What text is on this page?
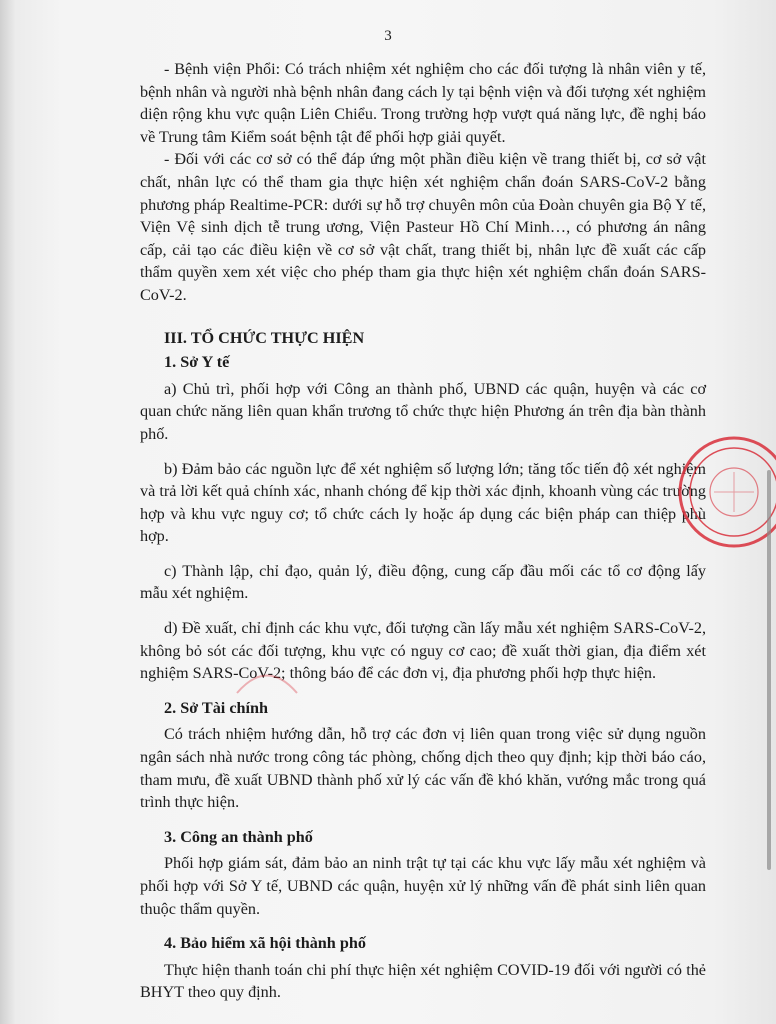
3

- Bệnh viện Phổi: Có trách nhiệm xét nghiệm cho các đối tượng là nhân viên y tế, bệnh nhân và người nhà bệnh nhân đang cách ly tại bệnh viện và đối tượng xét nghiệm diện rộng khu vực quận Liên Chiểu. Trong trường hợp vượt quá năng lực, đề nghị báo về Trung tâm Kiểm soát bệnh tật để phối hợp giải quyết.

- Đối với các cơ sở có thể đáp ứng một phần điều kiện về trang thiết bị, cơ sở vật chất, nhân lực có thể tham gia thực hiện xét nghiệm chẩn đoán SARS-CoV-2 bằng phương pháp Realtime-PCR: dưới sự hỗ trợ chuyên môn của Đoàn chuyên gia Bộ Y tế, Viện Vệ sinh dịch tễ trung ương, Viện Pasteur Hồ Chí Minh…, có phương án nâng cấp, cải tạo các điều kiện về cơ sở vật chất, trang thiết bị, nhân lực đề xuất các cấp thẩm quyền xem xét việc cho phép tham gia thực hiện xét nghiệm chẩn đoán SARS-CoV-2.

III. TỔ CHỨC THỰC HIỆN
1. Sở Y tế

a) Chủ trì, phối hợp với Công an thành phố, UBND các quận, huyện và các cơ quan chức năng liên quan khẩn trương tổ chức thực hiện Phương án trên địa bàn thành phố.

b) Đảm bảo các nguồn lực để xét nghiệm số lượng lớn; tăng tốc tiến độ xét nghiệm và trả lời kết quả chính xác, nhanh chóng để kịp thời xác định, khoanh vùng các trường hợp và khu vực nguy cơ; tổ chức cách ly hoặc áp dụng các biện pháp can thiệp phù hợp.

c) Thành lập, chỉ đạo, quản lý, điều động, cung cấp đầu mối các tổ cơ động lấy mẫu xét nghiệm.

d) Đề xuất, chỉ định các khu vực, đối tượng cần lấy mẫu xét nghiệm SARS-CoV-2, không bỏ sót các đối tượng, khu vực có nguy cơ cao; đề xuất thời gian, địa điểm xét nghiệm SARS-CoV-2; thông báo để các đơn vị, địa phương phối hợp thực hiện.

2. Sở Tài chính

Có trách nhiệm hướng dẫn, hỗ trợ các đơn vị liên quan trong việc sử dụng nguồn ngân sách nhà nước trong công tác phòng, chống dịch theo quy định; kịp thời báo cáo, tham mưu, đề xuất UBND thành phố xử lý các vấn đề khó khăn, vướng mắc trong quá trình thực hiện.

3. Công an thành phố

Phối hợp giám sát, đảm bảo an ninh trật tự tại các khu vực lấy mẫu xét nghiệm và phối hợp với Sở Y tế, UBND các quận, huyện xử lý những vấn đề phát sinh liên quan thuộc thẩm quyền.

4. Bảo hiểm xã hội thành phố

Thực hiện thanh toán chi phí thực hiện xét nghiệm COVID-19 đối với người có thẻ BHYT theo quy định.
